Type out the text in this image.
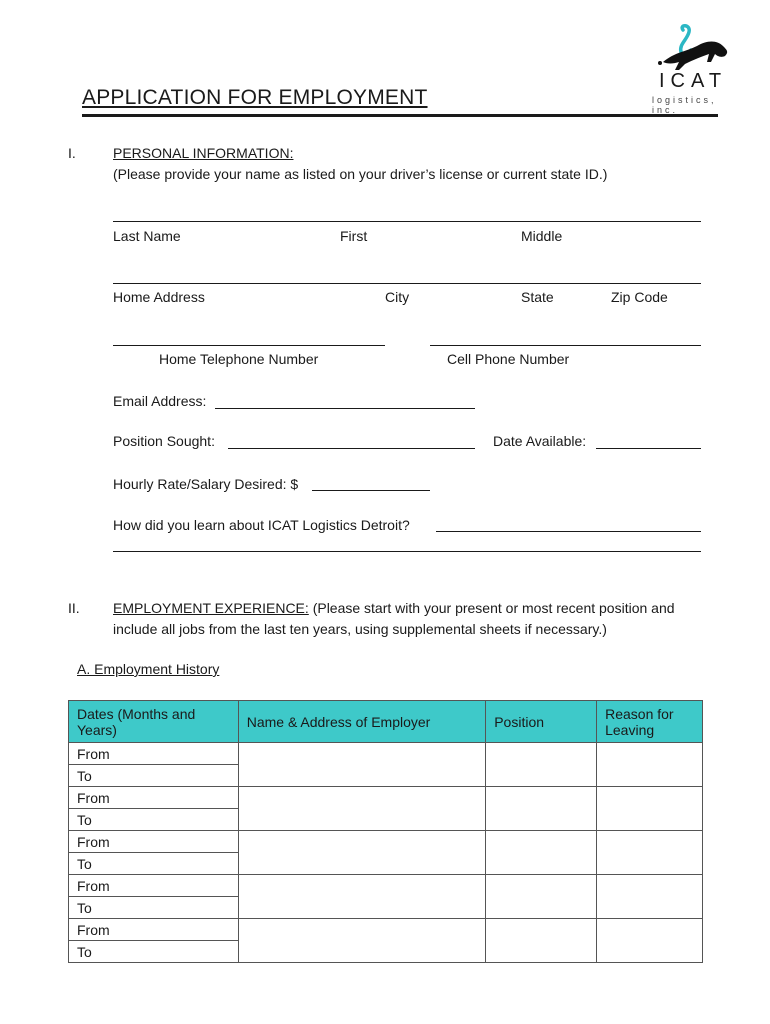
APPLICATION FOR EMPLOYMENT
ICAT
logistics, inc.
I.	PERSONAL INFORMATION:
(Please provide your name as listed on your driver’s license or current state ID.)
Last Name	First	Middle
Home Address	City	State	Zip Code
Home Telephone Number	Cell Phone Number
Email Address:
Position Sought:	Date Available:
Hourly Rate/Salary Desired: $
How did you learn about ICAT Logistics Detroit?
II. EMPLOYMENT EXPERIENCE: (Please start with your present or most recent position and
include all jobs from the last ten years, using supplemental sheets if necessary.)
A. Employment History
Dates (Months and Years)	Name & Address of Employer	Position	Reason for Leaving
From			
To			
From			
To			
From			
To			
From			
To			
From			
To			
